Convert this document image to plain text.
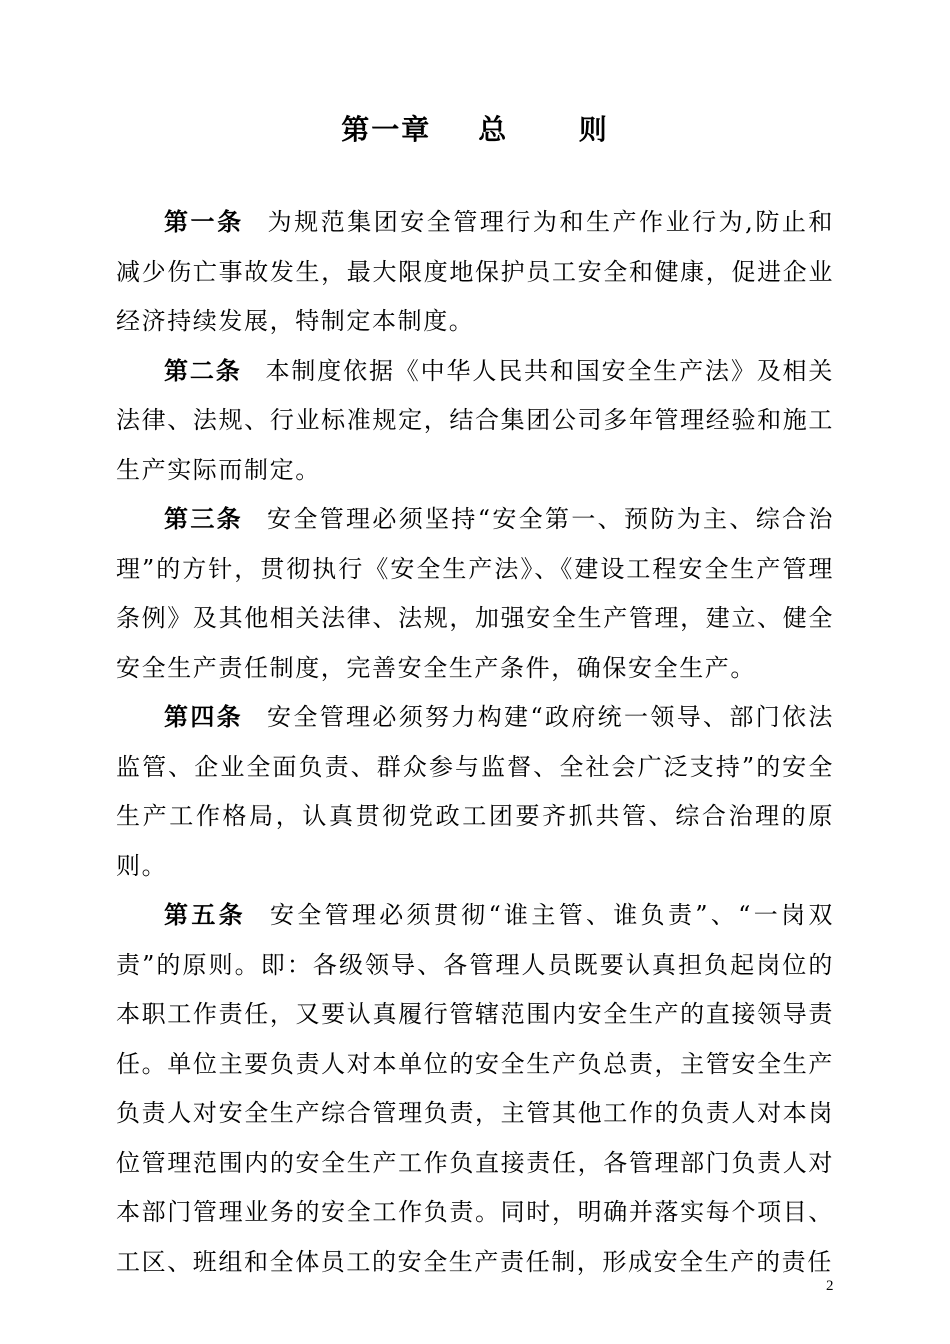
第一章    总      则

第一条 为规范集团安全管理行为和生产作业行为,防止和减少伤亡事故发生，最大限度地保护员工安全和健康，促进企业经济持续发展，特制定本制度。

第二条 本制度依据《中华人民共和国安全生产法》及相关法律、法规、行业标准规定，结合集团公司多年管理经验和施工生产实际而制定。

第三条 安全管理必须坚持“安全第一、预防为主、综合治理”的方针，贯彻执行《安全生产法》、《建设工程安全生产管理条例》及其他相关法律、法规，加强安全生产管理，建立、健全安全生产责任制度，完善安全生产条件，确保安全生产。

第四条 安全管理必须努力构建“政府统一领导、部门依法监管、企业全面负责、群众参与监督、全社会广泛支持”的安全生产工作格局，认真贯彻党政工团要齐抓共管、综合治理的原则。

第五条 安全管理必须贯彻“谁主管、谁负责”、“一岗双责”的原则。即：各级领导、各管理人员既要认真担负起岗位的本职工作责任，又要认真履行管辖范围内安全生产的直接领导责任。单位主要负责人对本单位的安全生产负总责，主管安全生产负责人对安全生产综合管理负责，主管其他工作的负责人对本岗位管理范围内的安全生产工作负直接责任，各管理部门负责人对本部门管理业务的安全工作负责。同时，明确并落实每个项目、工区、班组和全体员工的安全生产责任制，形成安全生产的责任

2
